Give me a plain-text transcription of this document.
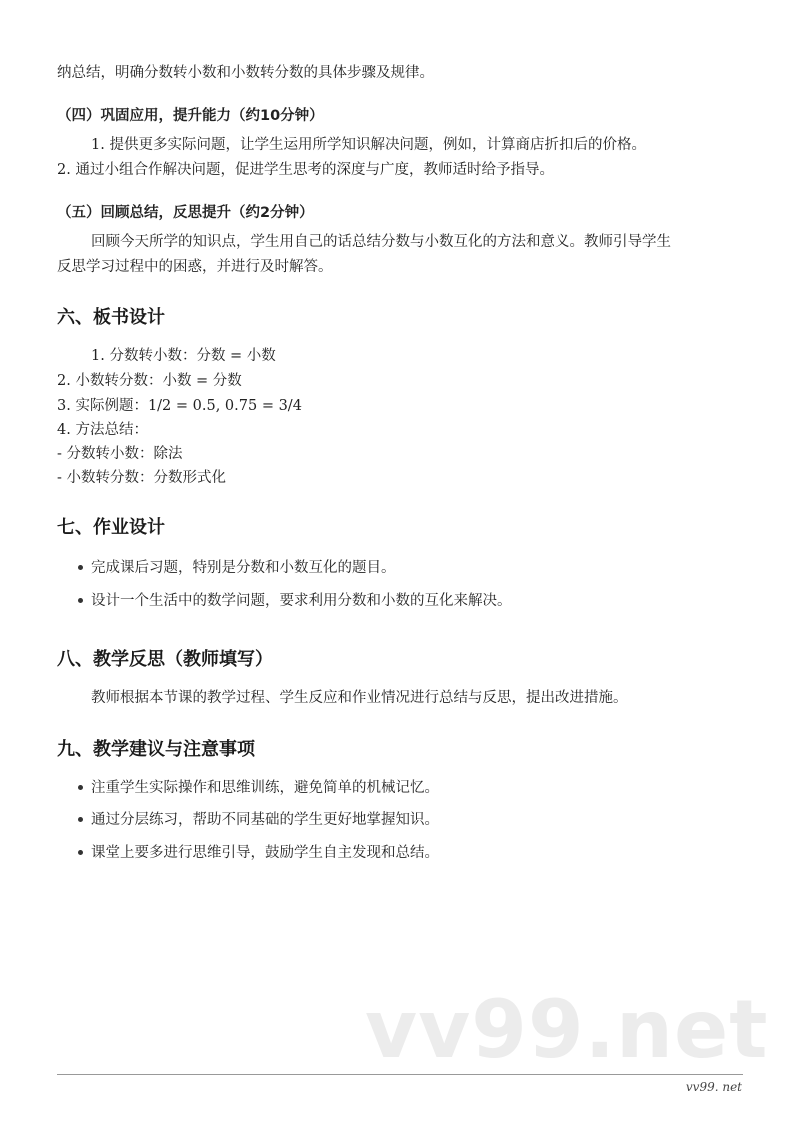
纳总结，明确分数转小数和小数转分数的具体步骤及规律。
（四）巩固应用，提升能力（约10分钟）
1. 提供更多实际问题，让学生运用所学知识解决问题，例如，计算商店折扣后的价格。
2. 通过小组合作解决问题，促进学生思考的深度与广度，教师适时给予指导。
（五）回顾总结，反思提升（约2分钟）
回顾今天所学的知识点，学生用自己的话总结分数与小数互化的方法和意义。教师引导学生
反思学习过程中的困惑，并进行及时解答。
六、板书设计
1. 分数转小数：分数 = 小数
2. 小数转分数：小数 = 分数
3. 实际例题：1/2 = 0.5, 0.75 = 3/4
4. 方法总结：
- 分数转小数：除法
- 小数转分数：分数形式化
七、作业设计
完成课后习题，特别是分数和小数互化的题目。
设计一个生活中的数学问题，要求利用分数和小数的互化来解决。
八、教学反思（教师填写）
教师根据本节课的教学过程、学生反应和作业情况进行总结与反思，提出改进措施。
九、教学建议与注意事项
注重学生实际操作和思维训练，避免简单的机械记忆。
通过分层练习，帮助不同基础的学生更好地掌握知识。
课堂上要多进行思维引导，鼓励学生自主发现和总结。
vv99.net
vv99. net
